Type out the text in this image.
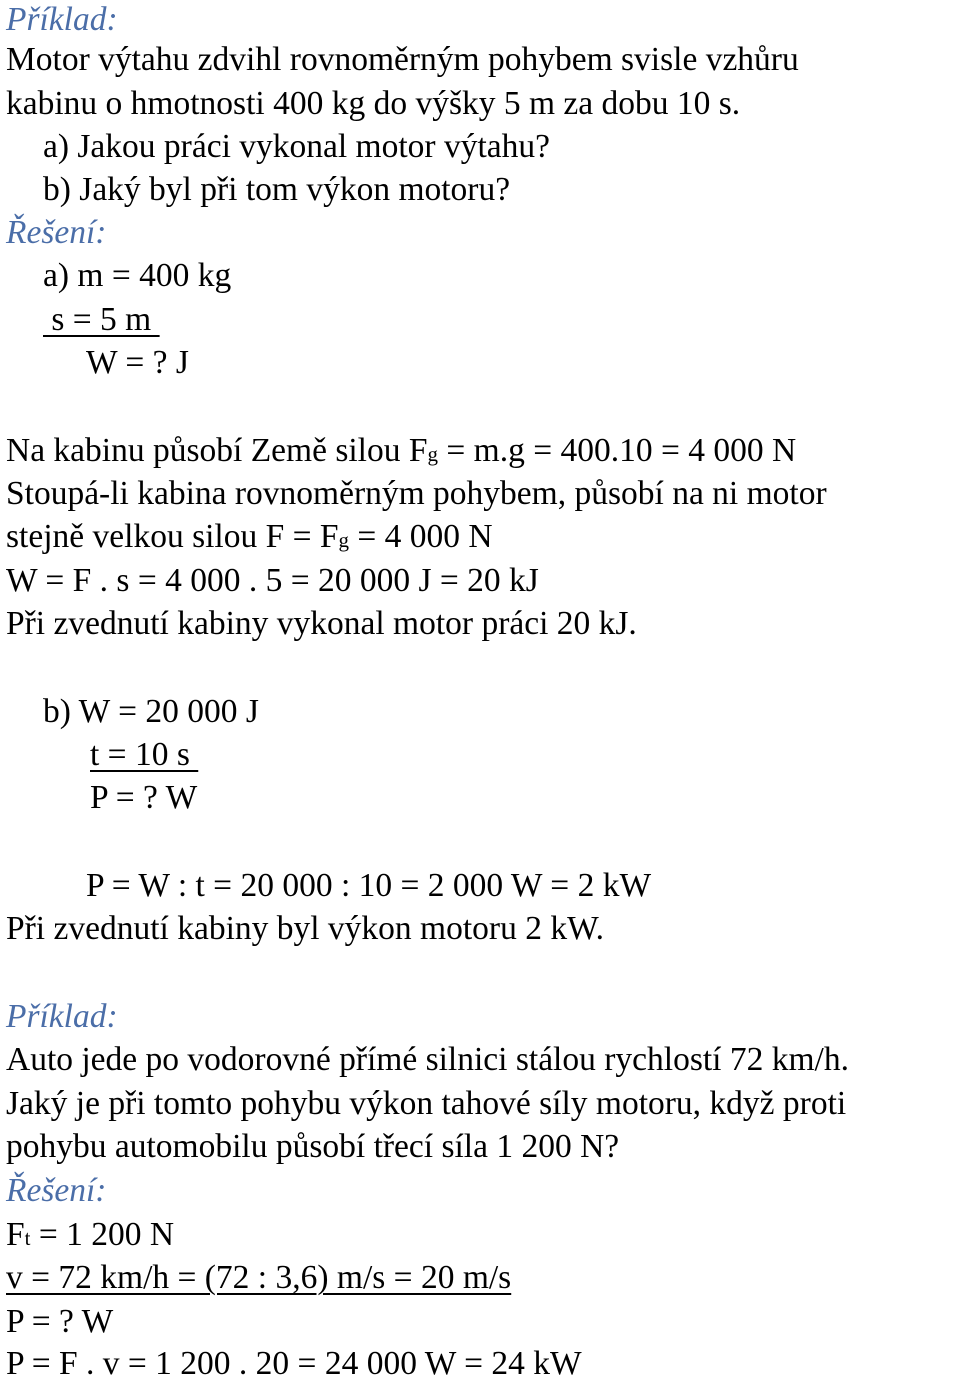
Příklad:
Motor výtahu zdvihl rovnoměrným pohybem svisle vzhůru
kabinu o hmotnosti 400 kg do výšky 5 m za dobu 10 s.
a) Jakou práci vykonal motor výtahu?
b) Jaký byl při tom výkon motoru?
Řešení:
a) m = 400 kg
s = 5 m
W = ? J
Na kabinu působí Země silou Fg = m.g = 400.10 = 4 000 N
Stoupá-li kabina rovnoměrným pohybem, působí na ni motor
stejně velkou silou F = Fg = 4 000 N
W = F . s = 4 000 . 5 = 20 000 J = 20 kJ
Při zvednutí kabiny vykonal motor práci 20 kJ.
b) W = 20 000 J
t = 10 s
P = ? W
P = W : t = 20 000 : 10 = 2 000 W = 2 kW
Při zvednutí kabiny byl výkon motoru 2 kW.
Příklad:
Auto jede po vodorovné přímé silnici stálou rychlostí 72 km/h.
Jaký je při tomto pohybu výkon tahové síly motoru, když proti
pohybu automobilu působí třecí síla 1 200 N?
Řešení:
Ft = 1 200 N
v = 72 km/h = (72 : 3,6) m/s = 20 m/s
P = ? W
P = F . v = 1 200 . 20 = 24 000 W = 24 kW
